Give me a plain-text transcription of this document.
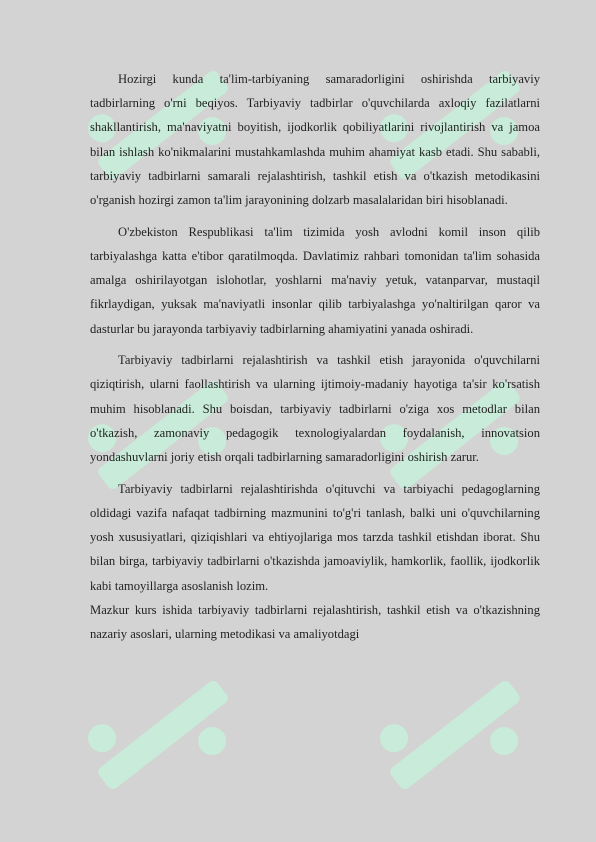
Hozirgi kunda ta'lim-tarbiyaning samaradorligini oshirishda tarbiyaviy tadbirlarning o'rni beqiyos. Tarbiyaviy tadbirlar o'quvchilarda axloqiy fazilatlarni shakllantirish, ma'naviyatni boyitish, ijodkorlik qobiliyatlarini rivojlantirish va jamoa bilan ishlash ko'nikmalarini mustahkamlashda muhim ahamiyat kasb etadi. Shu sababli, tarbiyaviy tadbirlarni samarali rejalashtirish, tashkil etish va o'tkazish metodikasini o'rganish hozirgi zamon ta'lim jarayonining dolzarb masalalaridan biri hisoblanadi.

O'zbekiston Respublikasi ta'lim tizimida yosh avlodni komil inson qilib tarbiyalashga katta e'tibor qaratilmoqda. Davlatimiz rahbari tomonidan ta'lim sohasida amalga oshirilayotgan islohotlar, yoshlarni ma'naviy yetuk, vatanparvar, mustaqil fikrlaydigan, yuksak ma'naviyatli insonlar qilib tarbiyalashga yo'naltirilgan qaror va dasturlar bu jarayonda tarbiyaviy tadbirlarning ahamiyatini yanada oshiradi.

Tarbiyaviy tadbirlarni rejalashtirish va tashkil etish jarayonida o'quvchilarni qiziqtirish, ularni faollashtirish va ularning ijtimoiy-madaniy hayotiga ta'sir ko'rsatish muhim hisoblanadi. Shu boisdan, tarbiyaviy tadbirlarni o'ziga xos metodlar bilan o'tkazish, zamonaviy pedagogik texnologiyalardan foydalanish, innovatsion yondashuvlarni joriy etish orqali tadbirlarning samaradorligini oshirish zarur.

Tarbiyaviy tadbirlarni rejalashtirishda o'qituvchi va tarbiyachi pedagoglarning oldidagi vazifa nafaqat tadbirning mazmunini to'g'ri tanlash, balki uni o'quvchilarning yosh xususiyatlari, qiziqishlari va ehtiyojlariga mos tarzda tashkil etishdan iborat. Shu bilan birga, tarbiyaviy tadbirlarni o'tkazishda jamoaviylik, hamkorlik, faollik, ijodkorlik kabi tamoyillarga asoslanish lozim.

Mazkur kurs ishida tarbiyaviy tadbirlarni rejalashtirish, tashkil etish va o'tkazishning nazariy asoslari, ularning metodikasi va amaliyotdagi
